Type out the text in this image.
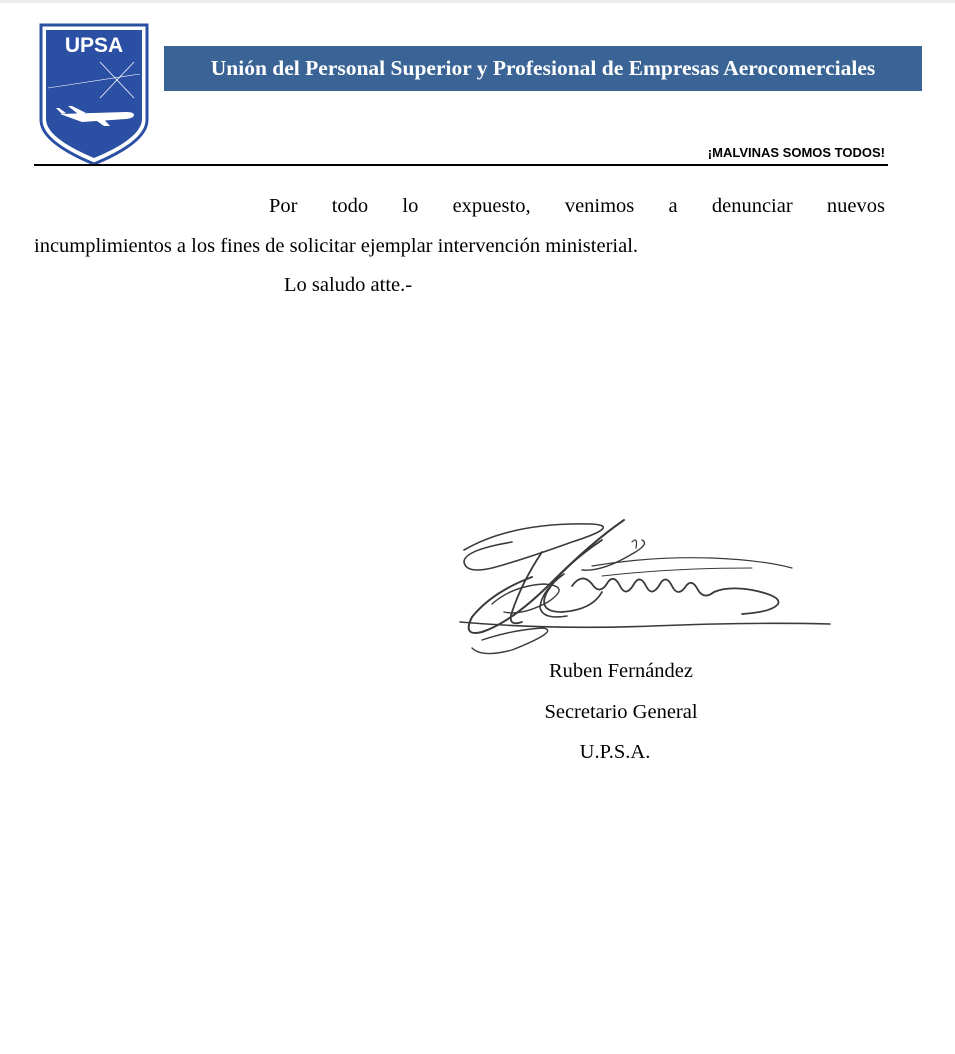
UPSA
Unión del Personal Superior y Profesional de Empresas Aerocomerciales
¡MALVINAS SOMOS TODOS!
Por todo lo expuesto, venimos a denunciar nuevos
incumplimientos a los fines de solicitar ejemplar intervención ministerial.
Lo saludo atte.-
Ruben Fernández
Secretario General
U.P.S.A.
